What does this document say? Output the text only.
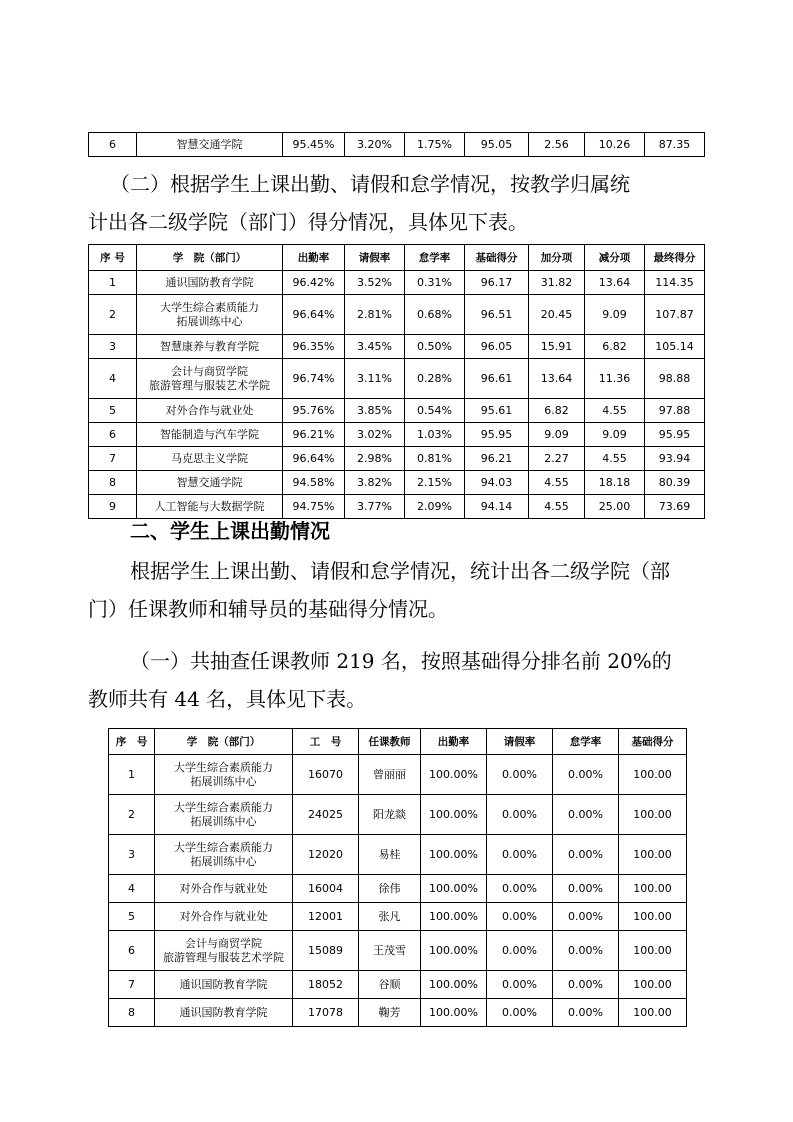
6	智慧交通学院	95.45%	3.20%	1.75%	95.05	2.56	10.26	87.35

（二）根据学生上课出勤、请假和怠学情况，按教学归属统
计出各二级学院（部门）得分情况，具体见下表。

序 号	学　院（部门）	出勤率	请假率	怠学率	基础得分	加分项	减分项	最终得分
1	通识国防教育学院	96.42%	3.52%	0.31%	96.17	31.82	13.64	114.35
2	大学生综合素质能力
拓展训练中心	96.64%	2.81%	0.68%	96.51	20.45	9.09	107.87
3	智慧康养与教育学院	96.35%	3.45%	0.50%	96.05	15.91	6.82	105.14
4	会计与商贸学院
旅游管理与服装艺术学院	96.74%	3.11%	0.28%	96.61	13.64	11.36	98.88
5	对外合作与就业处	95.76%	3.85%	0.54%	95.61	6.82	4.55	97.88
6	智能制造与汽车学院	96.21%	3.02%	1.03%	95.95	9.09	9.09	95.95
7	马克思主义学院	96.64%	2.98%	0.81%	96.21	2.27	4.55	93.94
8	智慧交通学院	94.58%	3.82%	2.15%	94.03	4.55	18.18	80.39
9	人工智能与大数据学院	94.75%	3.77%	2.09%	94.14	4.55	25.00	73.69

二、学生上课出勤情况

根据学生上课出勤、请假和怠学情况，统计出各二级学院（部
门）任课教师和辅导员的基础得分情况。

（一）共抽查任课教师 219 名，按照基础得分排名前 20%的
教师共有 44 名，具体见下表。

序　号	学　院（部门）	工　号	任课教师	出勤率	请假率	怠学率	基础得分
1	大学生综合素质能力
拓展训练中心	16070	曾丽丽	100.00%	0.00%	0.00%	100.00
2	大学生综合素质能力
拓展训练中心	24025	阳龙燚	100.00%	0.00%	0.00%	100.00
3	大学生综合素质能力
拓展训练中心	12020	易桂	100.00%	0.00%	0.00%	100.00
4	对外合作与就业处	16004	徐伟	100.00%	0.00%	0.00%	100.00
5	对外合作与就业处	12001	张凡	100.00%	0.00%	0.00%	100.00
6	会计与商贸学院
旅游管理与服装艺术学院	15089	王茂雪	100.00%	0.00%	0.00%	100.00
7	通识国防教育学院	18052	谷顺	100.00%	0.00%	0.00%	100.00
8	通识国防教育学院	17078	鞠芳	100.00%	0.00%	0.00%	100.00
